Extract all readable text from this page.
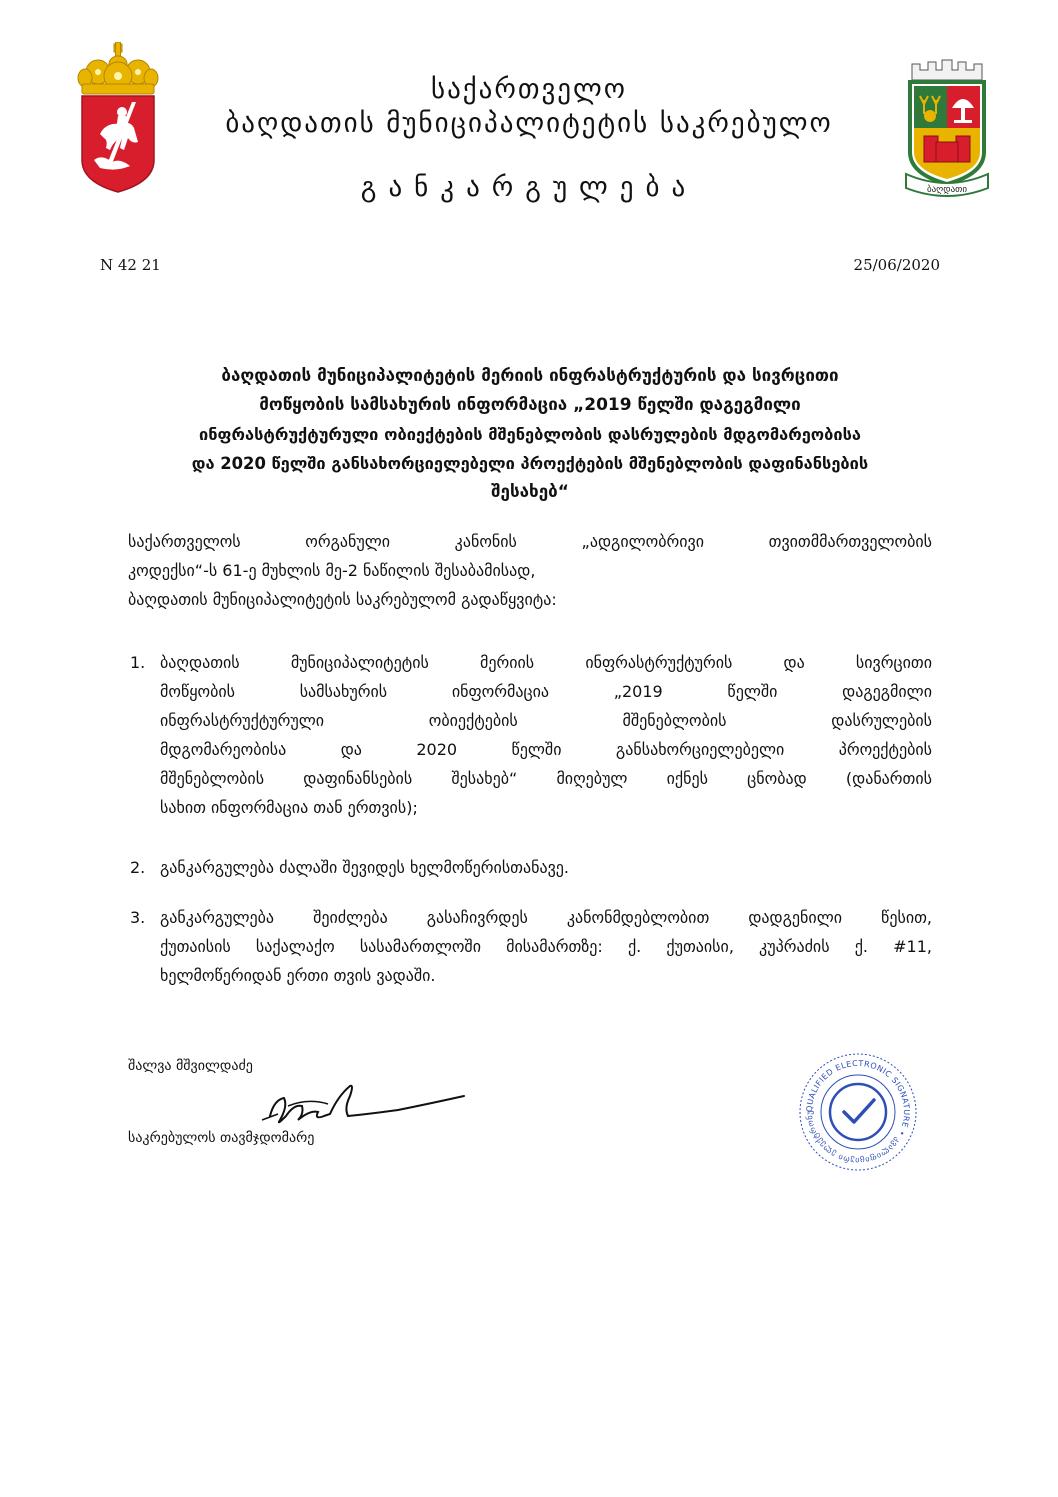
ბაღდათი
საქართველო
ბაღდათის მუნიციპალიტეტის საკრებულო
განკარგულება
N 42 21	25/06/2020
ბაღდათის მუნიციპალიტეტის მერიის ინფრასტრუქტურის და სივრცითი
მოწყობის სამსახურის ინფორმაცია „2019 წელში დაგეგმილი
ინფრასტრუქტურული ობიექტების მშენებლობის დასრულების მდგომარეობისა
და 2020 წელში განსახორციელებელი პროექტების მშენებლობის დაფინანსების
შესახებ“
საქართველოს ორგანული კანონის „ადგილობრივი თვითმმართველობის
კოდექსი“-ს 61-ე მუხლის მე-2 ნაწილის შესაბამისად,
ბაღდათის მუნიციპალიტეტის საკრებულომ გადაწყვიტა:
1. ბაღდათის მუნიციპალიტეტის მერიის ინფრასტრუქტურის და სივრცითი
მოწყობის სამსახურის ინფორმაცია „2019 წელში დაგეგმილი
ინფრასტრუქტურული ობიექტების მშენებლობის დასრულების
მდგომარეობისა და 2020 წელში განსახორციელებელი პროექტების
მშენებლობის დაფინანსების შესახებ“ მიღებულ იქნეს ცნობად (დანართის
სახით ინფორმაცია თან ერთვის);
2. განკარგულება ძალაში შევიდეს ხელმოწერისთანავე.
3. განკარგულება შეიძლება გასაჩივრდეს კანონმდებლობით დადგენილი წესით,
ქუთაისის საქალაქო სასამართლოში მისამართზე: ქ. ქუთაისი, კუპრაძის ქ. #11,
ხელმოწერიდან ერთი თვის ვადაში.
შალვა მშვილდაძე
საკრებულოს თავმჯდომარე
QUALIFIED ELECTRONIC SIGNATURE • კვალიფიციური ელექტრონუ
